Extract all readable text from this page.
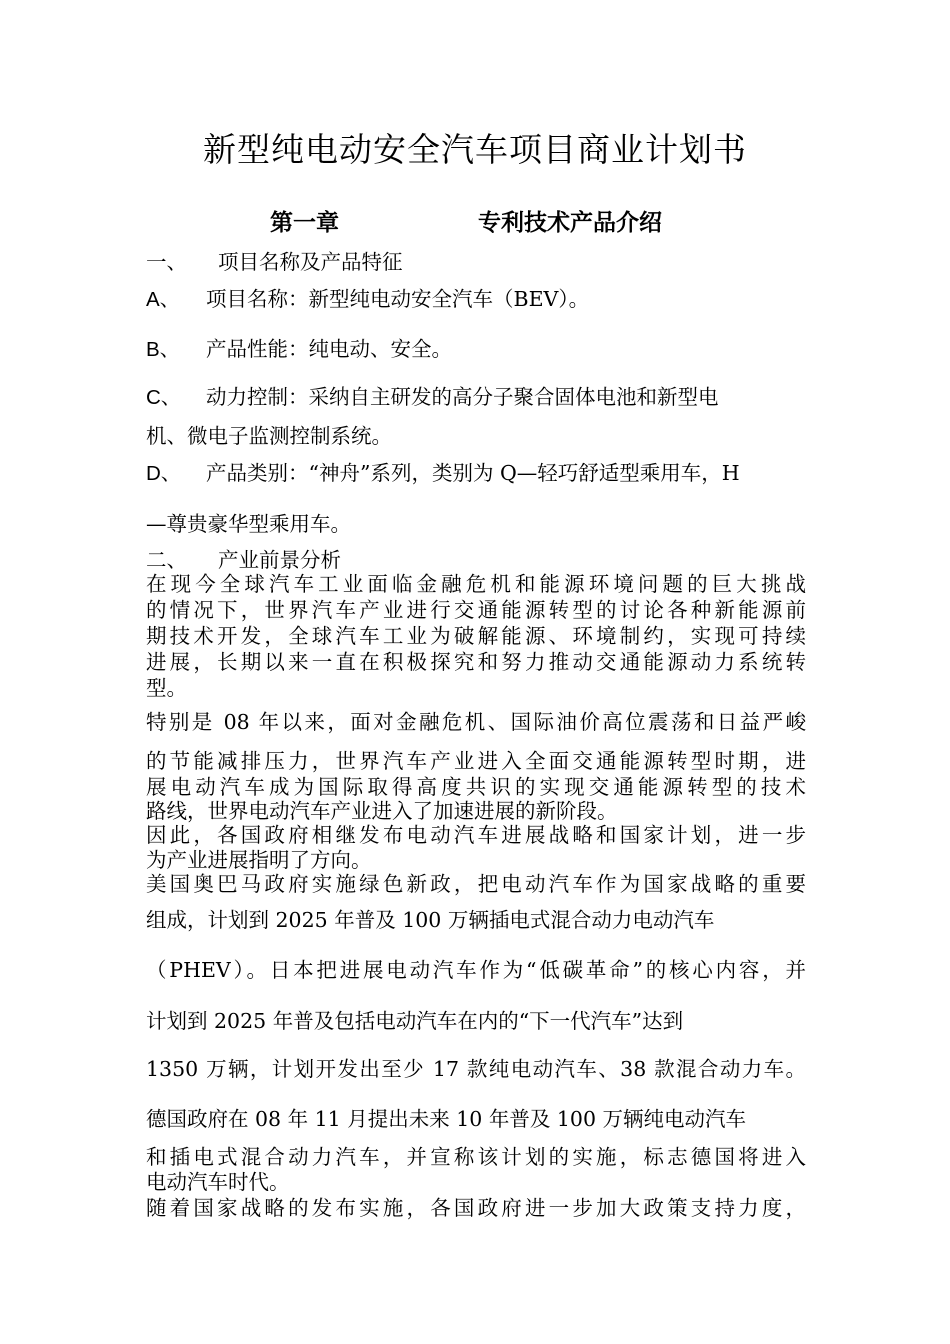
新型纯电动安全汽车项目商业计划书
第一章	专利技术产品介绍
一、 项目名称及产品特征
A、 项目名称：新型纯电动安全汽车（BEV）。
B、 产品性能：纯电动、安全。
C、 动力控制：采纳自主研发的高分子聚合固体电池和新型电
机、微电子监测控制系统。
D、 产品类别：“神舟”系列，类别为 Q—轻巧舒适型乘用车，H
—尊贵豪华型乘用车。
二、 产业前景分析
在现今全球汽车工业面临金融危机和能源环境问题的巨大挑战
的情况下，世界汽车产业进行交通能源转型的讨论各种新能源前
期技术开发，全球汽车工业为破解能源、环境制约，实现可持续
进展，长期以来一直在积极探究和努力推动交通能源动力系统转
型。
特别是 08 年以来，面对金融危机、国际油价高位震荡和日益严峻
的节能减排压力，世界汽车产业进入全面交通能源转型时期，进
展电动汽车成为国际取得高度共识的实现交通能源转型的技术
路线，世界电动汽车产业进入了加速进展的新阶段。
因此，各国政府相继发布电动汽车进展战略和国家计划，进一步
为产业进展指明了方向。
美国奥巴马政府实施绿色新政，把电动汽车作为国家战略的重要
组成，计划到 2025 年普及 100 万辆插电式混合动力电动汽车
（PHEV）。日本把进展电动汽车作为“低碳革命”的核心内容，并
计划到 2025 年普及包括电动汽车在内的“下一代汽车”达到
1350 万辆，计划开发出至少 17 款纯电动汽车、38 款混合动力车。
德国政府在 08 年 11 月提出未来 10 年普及 100 万辆纯电动汽车
和插电式混合动力汽车，并宣称该计划的实施，标志德国将进入
电动汽车时代。
随着国家战略的发布实施，各国政府进一步加大政策支持力度，
